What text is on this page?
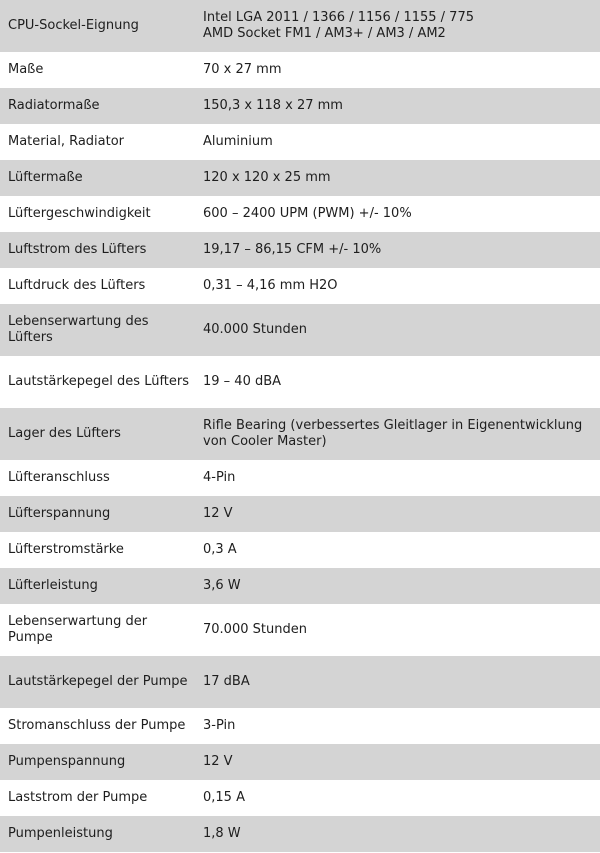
CPU-Sockel-Eignung	Intel LGA 2011 / 1366 / 1156 / 1155 / 775
AMD Socket FM1 / AM3+ / AM3 / AM2

Maße	70 x 27 mm
Radiatormaße	150,3 x 118 x 27 mm
Material, Radiator	Aluminium
Lüftermaße	120 x 120 x 25 mm
Lüftergeschwindigkeit	600 – 2400 UPM (PWM) +/- 10%
Luftstrom des Lüfters	19,17 – 86,15 CFM +/- 10%
Luftdruck des Lüfters	0,31 – 4,16 mm H2O
Lebenserwartung des Lüfters	40.000 Stunden
Lautstärkepegel des Lüfters	19 – 40 dBA
Lager des Lüfters	Rifle Bearing (verbessertes Gleitlager in Eigenentwicklung
von Cooler Master)

Lüfteranschluss	4-Pin
Lüfterspannung	12 V
Lüfterstromstärke	0,3 A
Lüfterleistung	3,6 W
Lebenserwartung der Pumpe	70.000 Stunden
Lautstärkepegel der Pumpe	17 dBA
Stromanschluss der Pumpe	3-Pin
Pumpenspannung	12 V
Laststrom der Pumpe	0,15 A
Pumpenleistung	1,8 W
